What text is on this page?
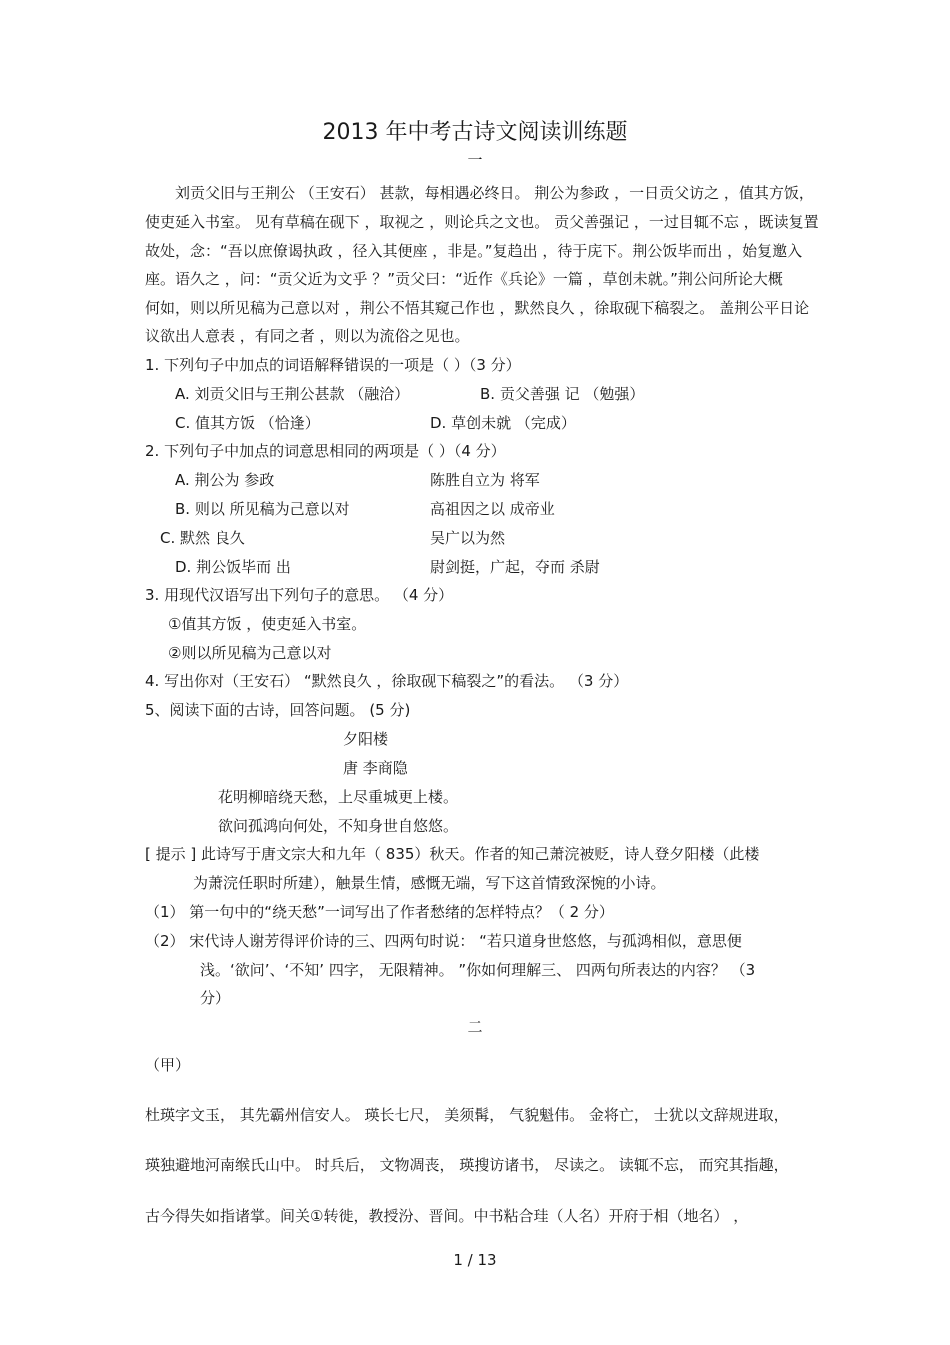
2013 年中考古诗文阅读训练题
一
刘贡父旧与王荆公 （王安石） 甚款，每相遇必终日。 荆公为参政 ，一日贡父访之 ，值其方饭，
使吏延入书室。 见有草稿在砚下 ，取视之 ，则论兵之文也。 贡父善强记 ，一过目辄不忘 ，既读复置
故处，念：“吾以庶僚谒执政 ，径入其便座 ，非是。”复趋出 ，待于庑下。荆公饭毕而出 ，始复邀入
座。语久之 ，问：“贡父近为文乎 ？”贡父曰：“近作《兵论》一篇 ，草创未就。”荆公问所论大概
何如，则以所见稿为己意以对 ，荆公不悟其窥己作也 ，默然良久 ，徐取砚下稿裂之。 盖荆公平日论
议欲出人意表 ，有同之者 ，则以为流俗之见也。
1. 下列句子中加点的词语解释错误的一项是（ ）（3 分）
A. 刘贡父旧与王荆公甚款 （融洽）	B. 贡父善强 记 （勉强）
C. 值其方饭 （恰逢）	D. 草创未就 （完成）
2. 下列句子中加点的词意思相同的两项是（ ）（4 分）
A. 荆公为 参政	陈胜自立为 将军
B. 则以 所见稿为己意以对	高祖因之以 成帝业
C. 默然 良久	吴广以为然
D. 荆公饭毕而 出	尉剑挺，广起，夺而 杀尉
3. 用现代汉语写出下列句子的意思。 （4 分）
①值其方饭 ，使吏延入书室。
②则以所见稿为己意以对
4. 写出你对（王安石） “默然良久 ，徐取砚下稿裂之”的看法。 （3 分）
5、阅读下面的古诗，回答问题。 (5 分)
夕阳楼
唐 李商隐
花明柳暗绕天愁，上尽重城更上楼。
欲问孤鸿向何处，不知身世自悠悠。
[ 提示 ] 此诗写于唐文宗大和九年（ 835）秋天。作者的知己萧浣被贬，诗人登夕阳楼（此楼
为萧浣任职时所建），触景生情，感慨无端，写下这首情致深惋的小诗。
（1） 第一句中的“绕天愁”一词写出了作者愁绪的怎样特点？（ 2 分）
（2） 宋代诗人谢芳得评价诗的三、四两句时说： “若只道身世悠悠，与孤鸿相似，意思便
浅。‘欲问’、‘不知’ 四字， 无限精神。 ”你如何理解三、 四两句所表达的内容？ （3
分）
二
（甲）
杜瑛字文玉， 其先霸州信安人。 瑛长七尺， 美须髯， 气貌魁伟。 金将亡， 士犹以文辞规进取，
瑛独避地河南缑氏山中。 时兵后， 文物凋丧， 瑛搜访诸书， 尽读之。 读辄不忘， 而究其指趣，
古今得失如指诸掌。间关①转徙，教授汾、晋间。中书粘合珪（人名）开府于相（地名） ，
1 / 13
